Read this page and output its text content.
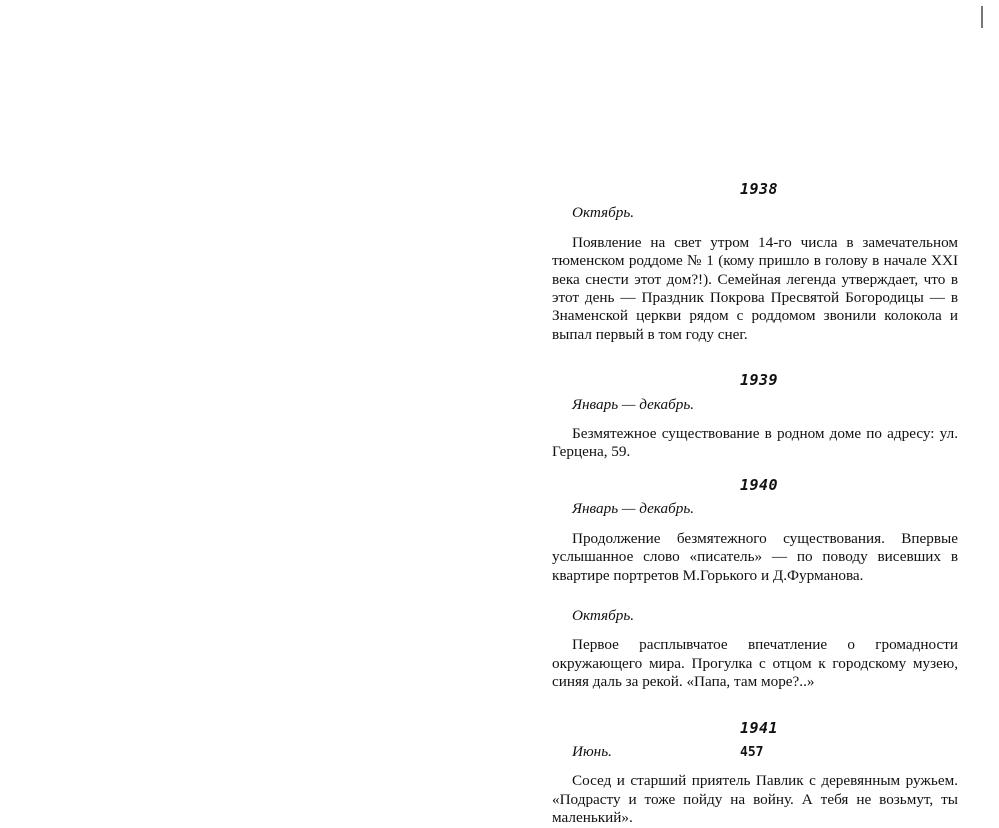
1938
Октябрь.

Появление на свет утром 14-го числа в замечательном тюменском роддоме № 1 (кому пришло в голову в начале XXI века снести этот дом?!). Семейная легенда утверждает, что в этот день — Праздник Покрова Пресвятой Богородицы — в Знаменской церкви рядом с роддомом звонили колокола и выпал первый в том году снег.

1939
Январь — декабрь.

Безмятежное существование в родном доме по адресу: ул. Герцена, 59.

1940
Январь — декабрь.

Продолжение безмятежного существования. Впервые услышанное слово «писатель» — по поводу висевших в квартире портретов М.Горького и Д.Фурманова.

Октябрь.

Первое расплывчатое впечатление о громадности окружающего мира. Прогулка с отцом к городскому музею, синяя даль за рекой. «Папа, там море?..»

1941
Июнь.

Сосед и старший приятель Павлик с деревянным ружьем. «Подрасту и тоже пойду на войну. А тебя не возьмут, ты маленький».

457
